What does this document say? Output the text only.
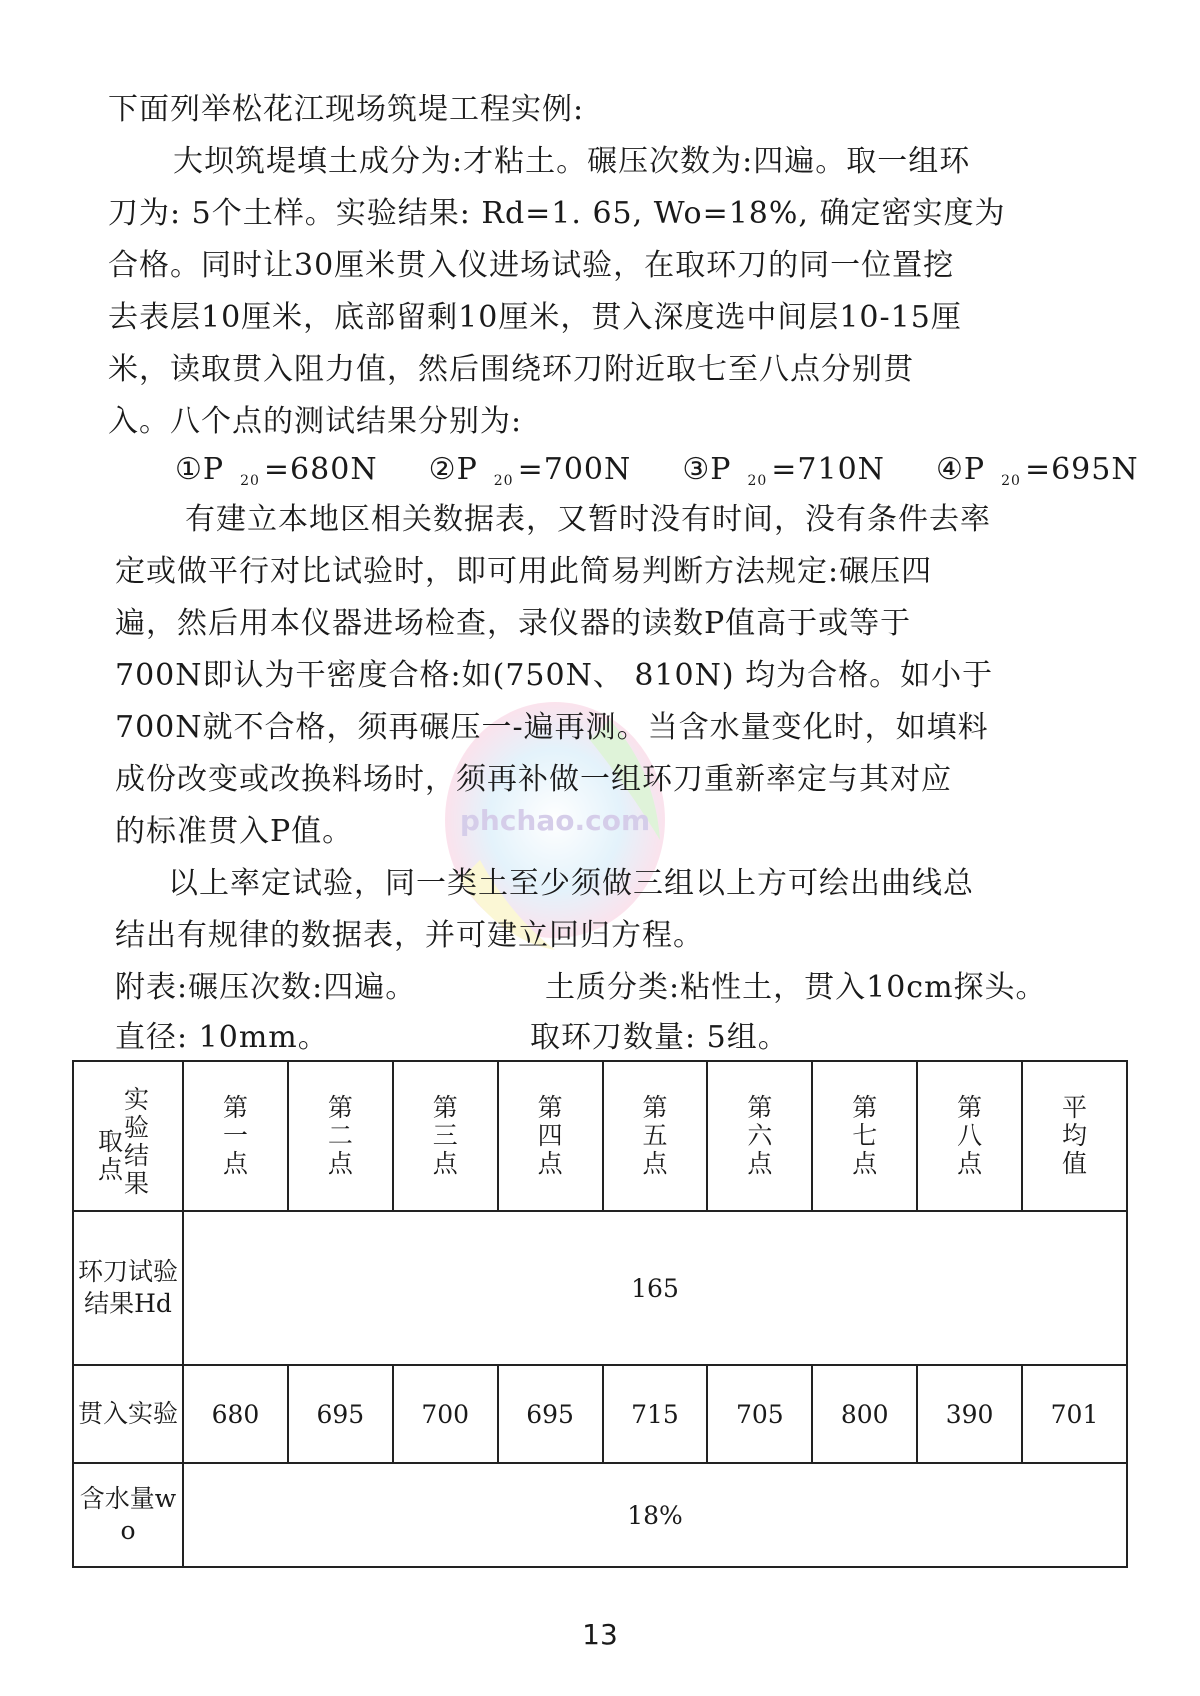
phchao.com
下面列举松花江现场筑堤工程实例:
大坝筑堤填土成分为:才粘土。碾压次数为:四遍。取一组环
刀为: 5个土样。实验结果: Rd=1. 65, Wo=18%, 确定密实度为
合格。同时让30厘米贯入仪进场试验，在取环刀的同一位置挖
去表层10厘米，底部留剩10厘米，贯入深度选中间层10-15厘
米，读取贯入阻力值，然后围绕环刀附近取七至八点分别贯
入。八个点的测试结果分别为:
①P $_{20}$ =680N ②P $_{20}$ =700N ③P $_{20}$ =710N ④P $_{20}$ =695N
有建立本地区相关数据表，又暂时没有时间，没有条件去率
定或做平行对比试验时，即可用此简易判断方法规定:碾压四
遍，然后用本仪器进场检查，录仪器的读数P值高于或等于
700N即认为干密度合格:如(750N、 810N) 均为合格。如小于
700N就不合格，须再碾压一-遍再测。当含水量变化时，如填料
成份改变或改换料场时，须再补做一组环刀重新率定与其对应
的标准贯入P值。
以上率定试验，同一类土至少须做三组以上方可绘出曲线总
结出有规律的数据表，并可建立回归方程。
附表:碾压次数:四遍。	土质分类:粘性土，贯入10cm探头。
直径: 10mm。	取环刀数量: 5组。
实验
取点 结果	第一点	第二点	第三点	第四点	第五点	第六点	第七点	第八点	平均值
环刀试验结果Hd	165								
贯入实验	680	695	700	695	715	705	800	390	701
含水量wo	18%								
13
